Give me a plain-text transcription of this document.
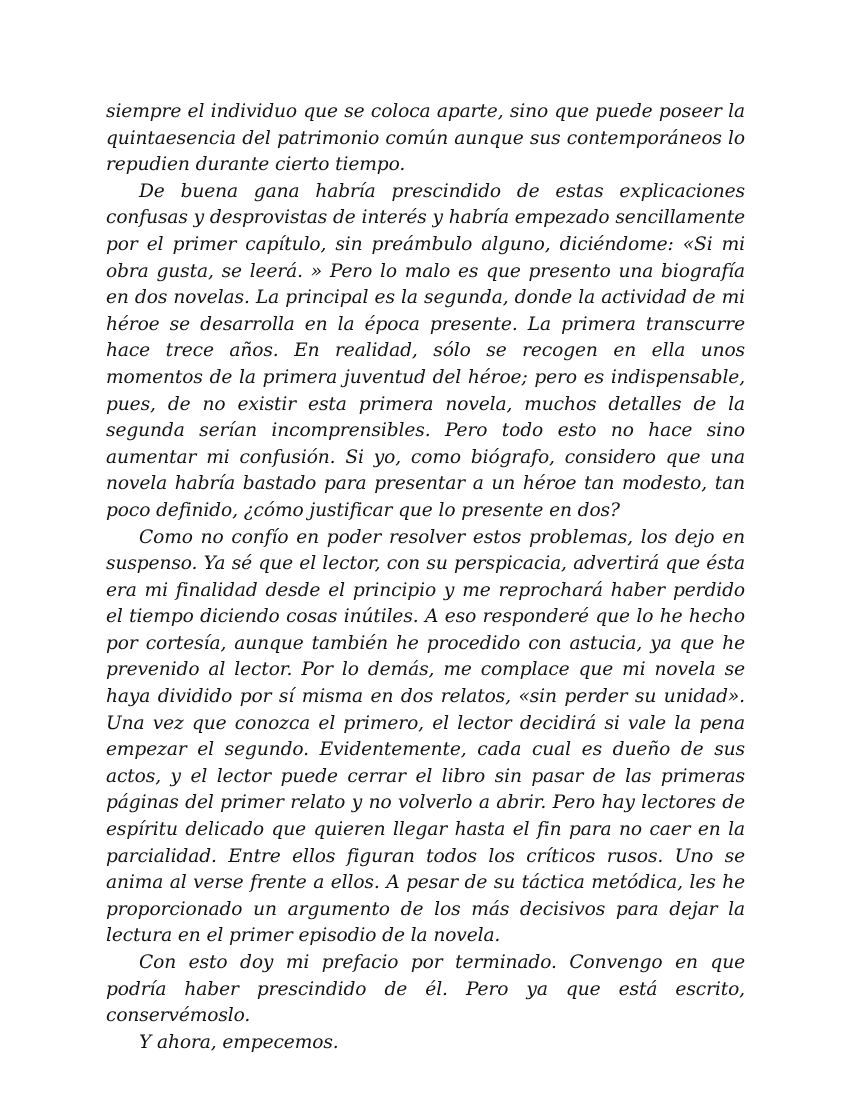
siempre el individuo que se coloca aparte, sino que puede poseer la quintaesencia del patrimonio común aunque sus contemporáneos lo repudien durante cierto tiempo.

De buena gana habría prescindido de estas explicaciones confusas y desprovistas de interés y habría empezado sencillamente por el primer capítulo, sin preámbulo alguno, diciéndome: «Si mi obra gusta, se leerá. » Pero lo malo es que presento una biografía en dos novelas. La principal es la segunda, donde la actividad de mi héroe se desarrolla en la época presente. La primera transcurre hace trece años. En realidad, sólo se recogen en ella unos momentos de la primera juventud del héroe; pero es indispensable, pues, de no existir esta primera novela, muchos detalles de la segunda serían incomprensibles. Pero todo esto no hace sino aumentar mi confusión. Si yo, como biógrafo, considero que una novela habría bastado para presentar a un héroe tan modesto, tan poco definido, ¿cómo justificar que lo presente en dos?

Como no confío en poder resolver estos problemas, los dejo en suspenso. Ya sé que el lector, con su perspicacia, advertirá que ésta era mi finalidad desde el principio y me reprochará haber perdido el tiempo diciendo cosas inútiles. A eso responderé que lo he hecho por cortesía, aunque también he procedido con astucia, ya que he prevenido al lector. Por lo demás, me complace que mi novela se haya dividido por sí misma en dos relatos, «sin perder su unidad». Una vez que conozca el primero, el lector decidirá si vale la pena empezar el segundo. Evidentemente, cada cual es dueño de sus actos, y el lector puede cerrar el libro sin pasar de las primeras páginas del primer relato y no volverlo a abrir. Pero hay lectores de espíritu delicado que quieren llegar hasta el fin para no caer en la parcialidad. Entre ellos figuran todos los críticos rusos. Uno se anima al verse frente a ellos. A pesar de su táctica metódica, les he proporcionado un argumento de los más decisivos para dejar la lectura en el primer episodio de la novela.

Con esto doy mi prefacio por terminado. Convengo en que podría haber prescindido de él. Pero ya que está escrito, conservémoslo.

Y ahora, empecemos.
